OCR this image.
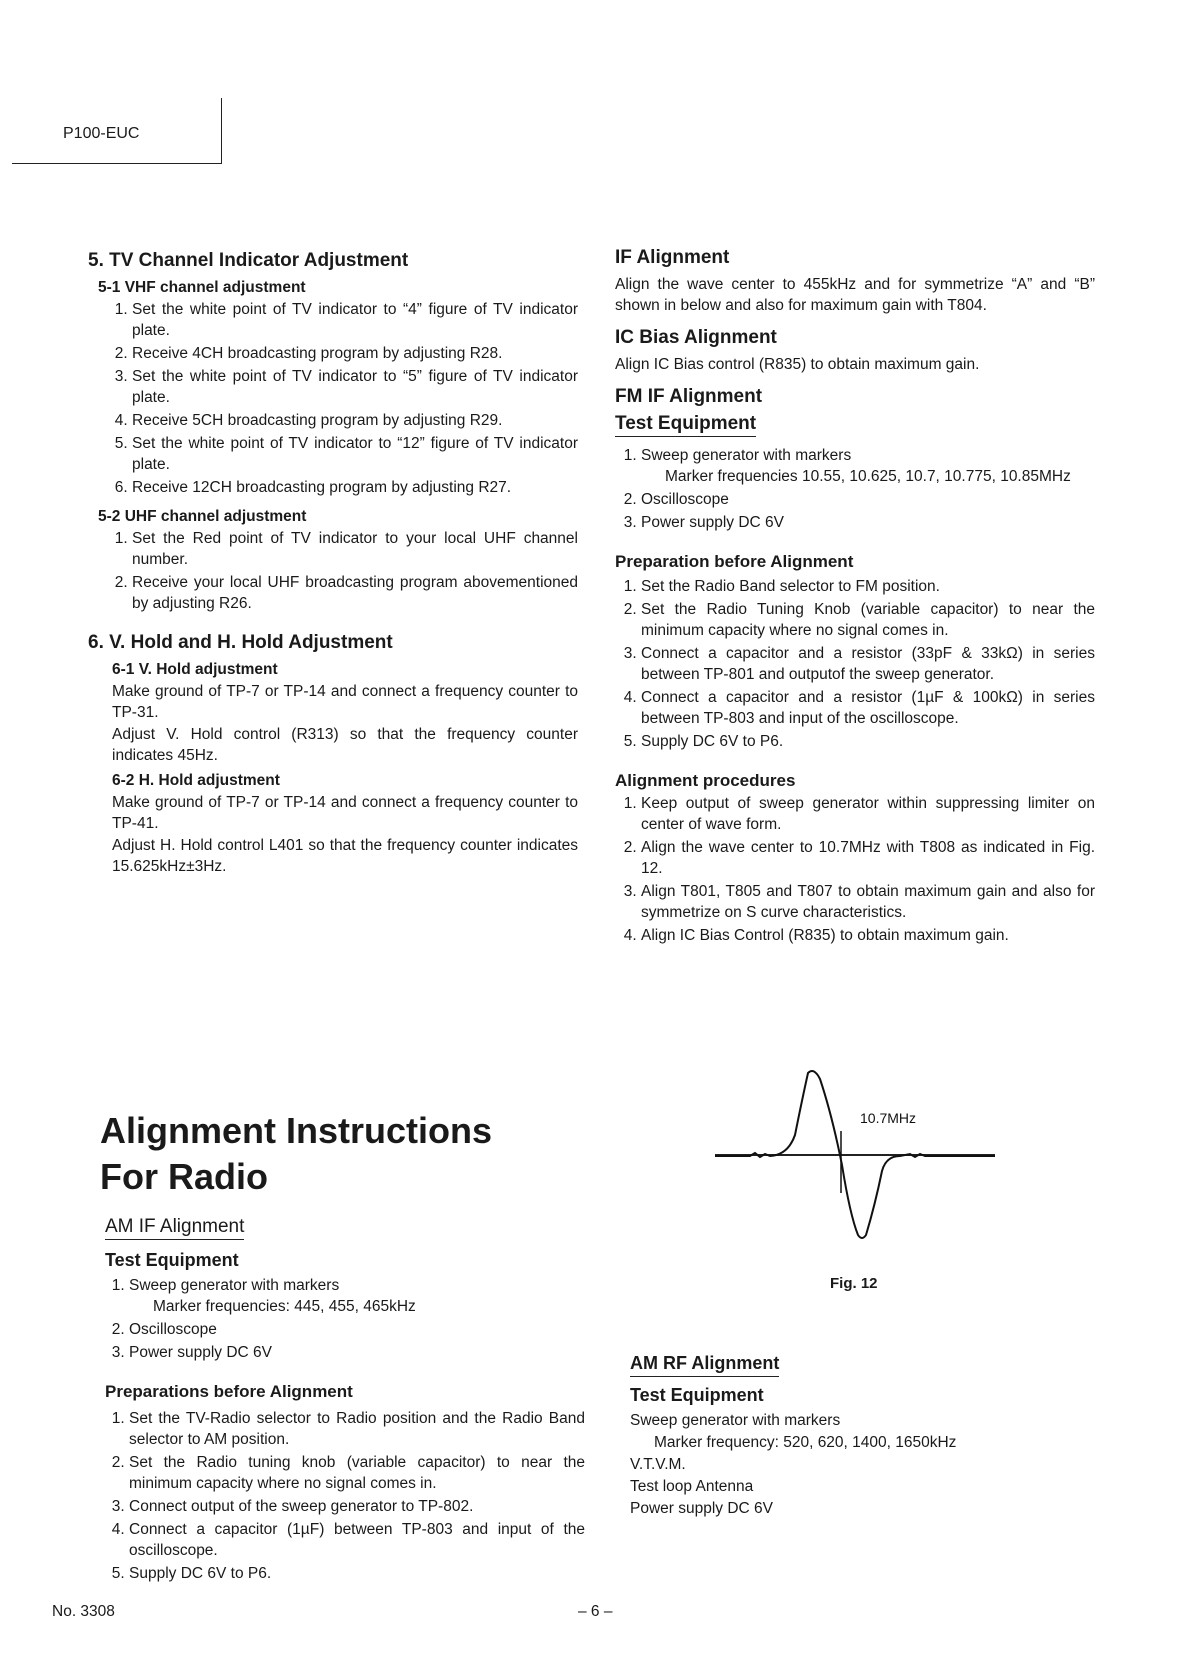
P100-EUC
5. TV Channel Indicator Adjustment
5-1 VHF channel adjustment
1. Set the white point of TV indicator to “4” figure of TV indicator plate.
2. Receive 4CH broadcasting program by adjusting R28.
3. Set the white point of TV indicator to “5” figure of TV indicator plate.
4. Receive 5CH broadcasting program by adjusting R29.
5. Set the white point of TV indicator to “12” figure of TV indicator plate.
6. Receive 12CH broadcasting program by adjusting R27.
5-2 UHF channel adjustment
1. Set the Red point of TV indicator to your local UHF channel number.
2. Receive your local UHF broadcasting program abovementioned by adjusting R26.
6. V. Hold and H. Hold Adjustment
6-1 V. Hold adjustment
Make ground of TP-7 or TP-14 and connect a frequency counter to TP-31.
Adjust V. Hold control (R313) so that the frequency counter indicates 45Hz.
6-2 H. Hold adjustment
Make ground of TP-7 or TP-14 and connect a frequency counter to TP-41.
Adjust H. Hold control L401 so that the frequency counter indicates 15.625kHz±3Hz.
IF Alignment
Align the wave center to 455kHz and for symmetrize “A” and “B” shown in below and also for maximum gain with T804.
IC Bias Alignment
Align IC Bias control (R835) to obtain maximum gain.
FM IF Alignment
Test Equipment
1. Sweep generator with markers
Marker frequencies 10.55, 10.625, 10.7, 10.775, 10.85MHz
2. Oscilloscope
3. Power supply DC 6V
Preparation before Alignment
1. Set the Radio Band selector to FM position.
2. Set the Radio Tuning Knob (variable capacitor) to near the minimum capacity where no signal comes in.
3. Connect a capacitor and a resistor (33pF & 33kΩ) in series between TP-801 and outputof the sweep generator.
4. Connect a capacitor and a resistor (1µF & 100kΩ) in series between TP-803 and input of the oscilloscope.
5. Supply DC 6V to P6.
Alignment procedures
1. Keep output of sweep generator within suppressing limiter on center of wave form.
2. Align the wave center to 10.7MHz with T808 as indicated in Fig. 12.
3. Align T801, T805 and T807 to obtain maximum gain and also for symmetrize on S curve characteristics.
4. Align IC Bias Control (R835) to obtain maximum gain.
10.7MHz
Fig. 12
Alignment Instructions
For Radio
AM IF Alignment
Test Equipment
1. Sweep generator with markers
Marker frequencies: 445, 455, 465kHz
2. Oscilloscope
3. Power supply DC 6V
Preparations before Alignment
1. Set the TV-Radio selector to Radio position and the Radio Band selector to AM position.
2. Set the Radio tuning knob (variable capacitor) to near the minimum capacity where no signal comes in.
3. Connect output of the sweep generator to TP-802.
4. Connect a capacitor (1µF) between TP-803 and input of the oscilloscope.
5. Supply DC 6V to P6.
AM RF Alignment
Test Equipment
Sweep generator with markers
Marker frequency: 520, 620, 1400, 1650kHz
V.T.V.M.
Test loop Antenna
Power supply DC 6V
No. 3308	– 6 –
